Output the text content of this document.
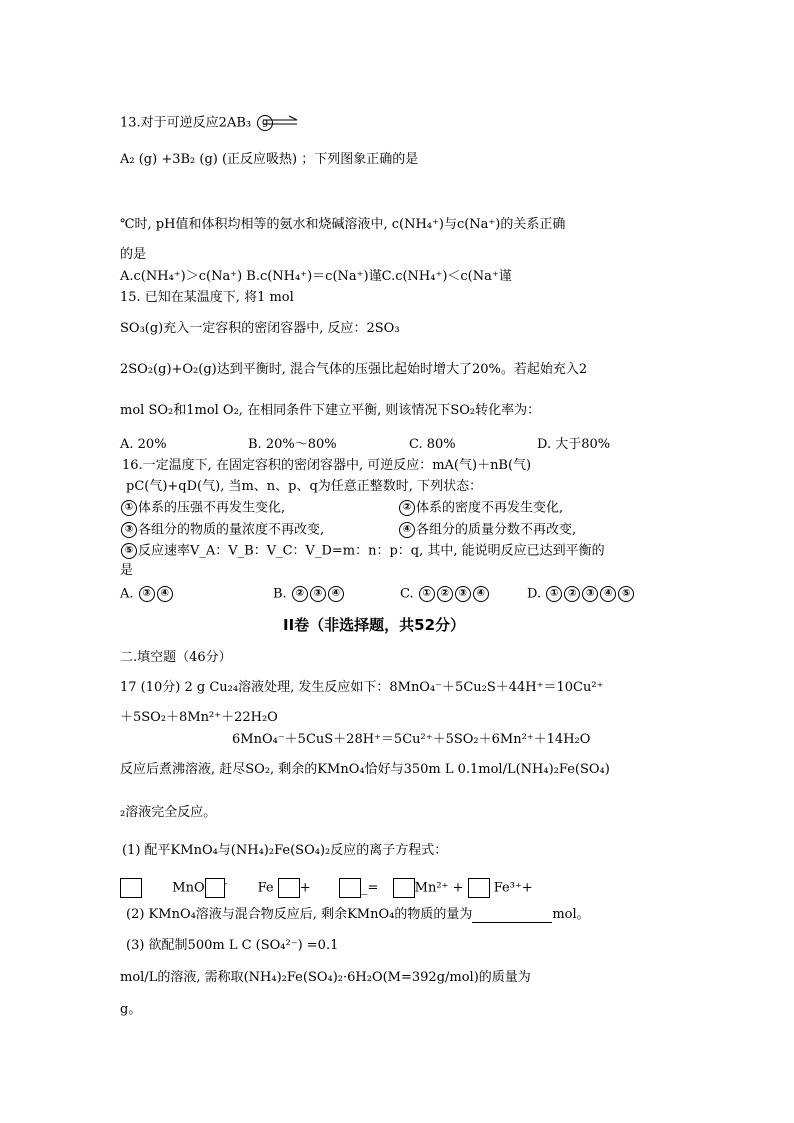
13.对于可逆反应2AB₃	g
A₂ (g) +3B₂ (g) (正反应吸热) ；下列图象正确的是
℃时, pH值和体积均相等的氨水和烧碱溶液中, c(NH₄⁺)与c(Na⁺)的关系正确
的是
A.c(NH₄⁺)＞c(Na⁺) B.c(NH₄⁺)＝c(Na⁺)谨C.c(NH₄⁺)＜c(Na⁺谨
15. 已知在某温度下, 将1 mol
SO₃(g)充入一定容积的密闭容器中, 反应：2SO₃
2SO₂(g)+O₂(g)达到平衡时, 混合气体的压强比起始时增大了20%。若起始充入2
mol SO₂和1mol O₂, 在相同条件下建立平衡, 则该情况下SO₂转化率为：
A. 20%	B. 20%～80%	C. 80%	D. 大于80%
16.一定温度下, 在固定容积的密闭容器中, 可逆反应：mA(气)＋nB(气)
pC(气)+qD(气), 当m、n、p、q为任意正整数时, 下列状态：
① 体系的压强不再发生变化,	② 体系的密度不再发生变化,
③ 各组分的物质的量浓度不再改变,	④ 各组分的质量分数不再改变,
⑤ 反应速率V_A：V_B：V_C：V_D=m：n：p：q, 其中, 能说明反应已达到平衡的
是
A. ③ ④	B. ② ③ ④	C. ① ② ③ ④	D. ① ② ③ ④ ⑤
II卷（非选择题，共52分）
二.填空题（46分）
17 (10分) 2 g Cu₂₄溶液处理, 发生反应如下：8MnO₄⁻＋5Cu₂S＋44H⁺＝10Cu²⁺
＋5SO₂＋8Mn²⁺＋22H₂O
6MnO₄⁻＋5CuS＋28H⁺＝5Cu²⁺＋5SO₂＋6Mn²⁺＋14H₂O
反应后煮沸溶液, 赶尽SO₂, 剩余的KMnO₄恰好与350m L 0.1mol/L(NH₄)₂Fe(SO₄)
₂溶液完全反应。
(1) 配平KMnO₄与(NH₄)₂Fe(SO₄)₂反应的离子方程式：
MnO	- Fe +	_=	Mn²⁺ + Fe³⁺+
(2) KMnO₄溶液与混合物反应后, 剩余KMnO₄的物质的量为	mol。
(3) 欲配制500m L C (SO₄²⁻) =0.1
mol/L的溶液, 需称取(NH₄)₂Fe(SO₄)₂·6H₂O(M=392g/mol)的质量为
g。
